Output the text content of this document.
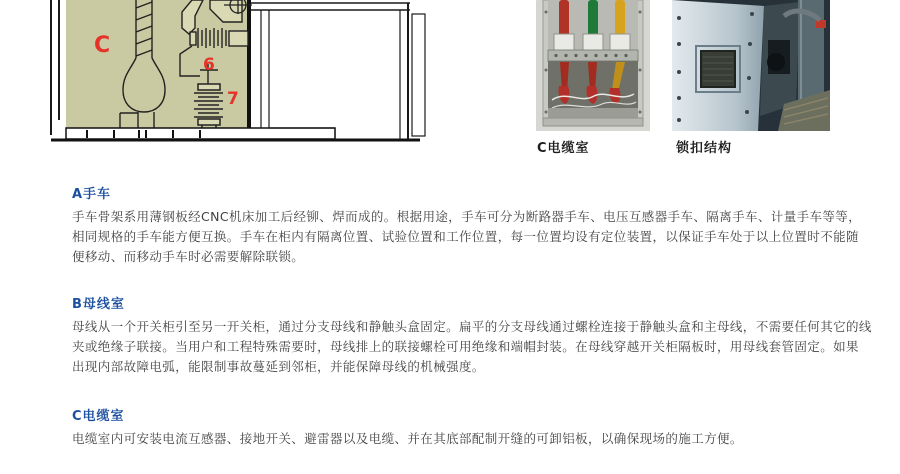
C
6
7
C电缆室	锁扣结构
A手车
手车骨架系用薄钢板经CNC机床加工后经铆、焊而成的。根据用途，手车可分为断路器手车、电压互感器手车、隔离手车、计量手车等等，
相同规格的手车能方便互换。手车在柜内有隔离位置、试验位置和工作位置，每一位置均设有定位装置，以保证手车处于以上位置时不能随
便移动、而移动手车时必需要解除联锁。
B母线室
母线从一个开关柜引至另一开关柜，通过分支母线和静触头盒固定。扁平的分支母线通过螺栓连接于静触头盒和主母线，不需要任何其它的线
夹或绝缘子联接。当用户和工程特殊需要时，母线排上的联接螺栓可用绝缘和端帽封装。在母线穿越开关柜隔板时，用母线套管固定。如果
出现内部故障电弧，能限制事故蔓延到邻柜，并能保障母线的机械强度。
C电缆室
电缆室内可安装电流互感器、接地开关、避雷器以及电缆、并在其底部配制开缝的可卸铝板，以确保现场的施工方便。
